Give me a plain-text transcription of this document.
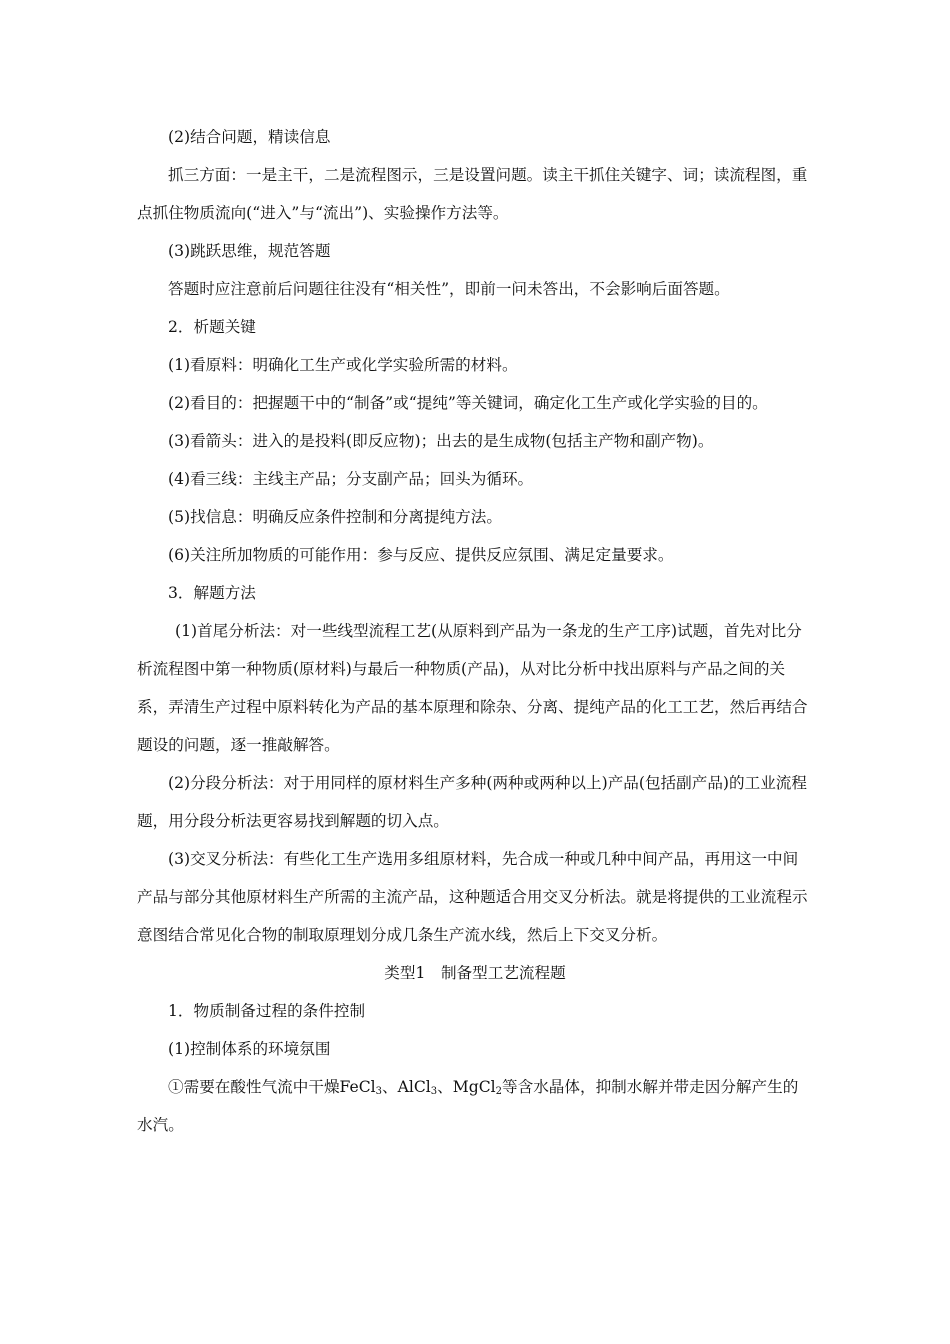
(2)结合问题，精读信息

抓三方面：一是主干，二是流程图示，三是设置问题。读主干抓住关键字、词；读流程图，重点抓住物质流向(“进入”与“流出”)、实验操作方法等。

(3)跳跃思维，规范答题

答题时应注意前后问题往往没有“相关性”，即前一问未答出，不会影响后面答题。

2．析题关键

(1)看原料：明确化工生产或化学实验所需的材料。

(2)看目的：把握题干中的“制备”或“提纯”等关键词，确定化工生产或化学实验的目的。

(3)看箭头：进入的是投料(即反应物)；出去的是生成物(包括主产物和副产物)。

(4)看三线：主线主产品；分支副产品；回头为循环。

(5)找信息：明确反应条件控制和分离提纯方法。

(6)关注所加物质的可能作用：参与反应、提供反应氛围、满足定量要求。

3．解题方法

(1)首尾分析法：对一些线型流程工艺(从原料到产品为一条龙的生产工序)试题，首先对比分析流程图中第一种物质(原材料)与最后一种物质(产品)，从对比分析中找出原料与产品之间的关系，弄清生产过程中原料转化为产品的基本原理和除杂、分离、提纯产品的化工工艺，然后再结合题设的问题，逐一推敲解答。

(2)分段分析法：对于用同样的原材料生产多种(两种或两种以上)产品(包括副产品)的工业流程题，用分段分析法更容易找到解题的切入点。

(3)交叉分析法：有些化工生产选用多组原材料，先合成一种或几种中间产品，再用这一中间产品与部分其他原材料生产所需的主流产品，这种题适合用交叉分析法。就是将提供的工业流程示意图结合常见化合物的制取原理划分成几条生产流水线，然后上下交叉分析。

类型1　制备型工艺流程题

1．物质制备过程的条件控制

(1)控制体系的环境氛围

①需要在酸性气流中干燥FeCl$_3$、AlCl$_3$、MgCl$_2$等含水晶体，抑制水解并带走因分解产生的水汽。
